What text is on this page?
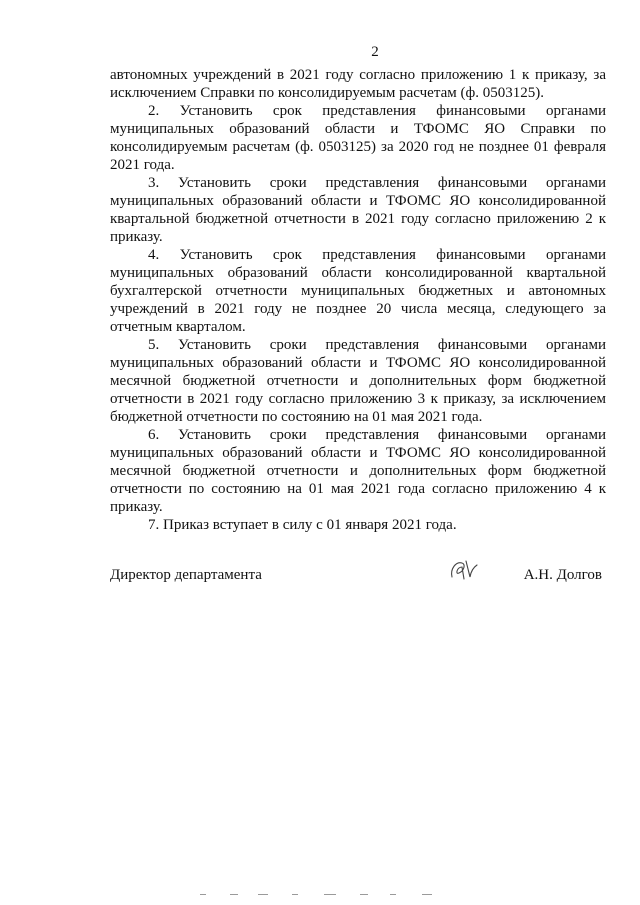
2

автономных учреждений в 2021 году согласно приложению 1 к приказу, за исключением Справки по консолидируемым расчетам (ф. 0503125).

2. Установить срок представления финансовыми органами муниципальных образований области и ТФОМС ЯО Справки по консолидируемым расчетам (ф. 0503125) за 2020 год не позднее 01 февраля 2021 года.

3. Установить сроки представления финансовыми органами муниципальных образований области и ТФОМС ЯО консолидированной квартальной бюджетной отчетности в 2021 году согласно приложению 2 к приказу.

4. Установить срок представления финансовыми органами муниципальных образований области консолидированной квартальной бухгалтерской отчетности муниципальных бюджетных и автономных учреждений в 2021 году не позднее 20 числа месяца, следующего за отчетным кварталом.

5. Установить сроки представления финансовыми органами муниципальных образований области и ТФОМС ЯО консолидированной месячной бюджетной отчетности и дополнительных форм бюджетной отчетности в 2021 году согласно приложению 3 к приказу, за исключением бюджетной отчетности по состоянию на 01 мая 2021 года.

6. Установить сроки представления финансовыми органами муниципальных образований области и ТФОМС ЯО консолидированной месячной бюджетной отчетности и дополнительных форм бюджетной отчетности по состоянию на 01 мая 2021 года согласно приложению 4 к приказу.

7. Приказ вступает в силу с 01 января 2021 года.

Директор департамента	А.Н. Долгов
